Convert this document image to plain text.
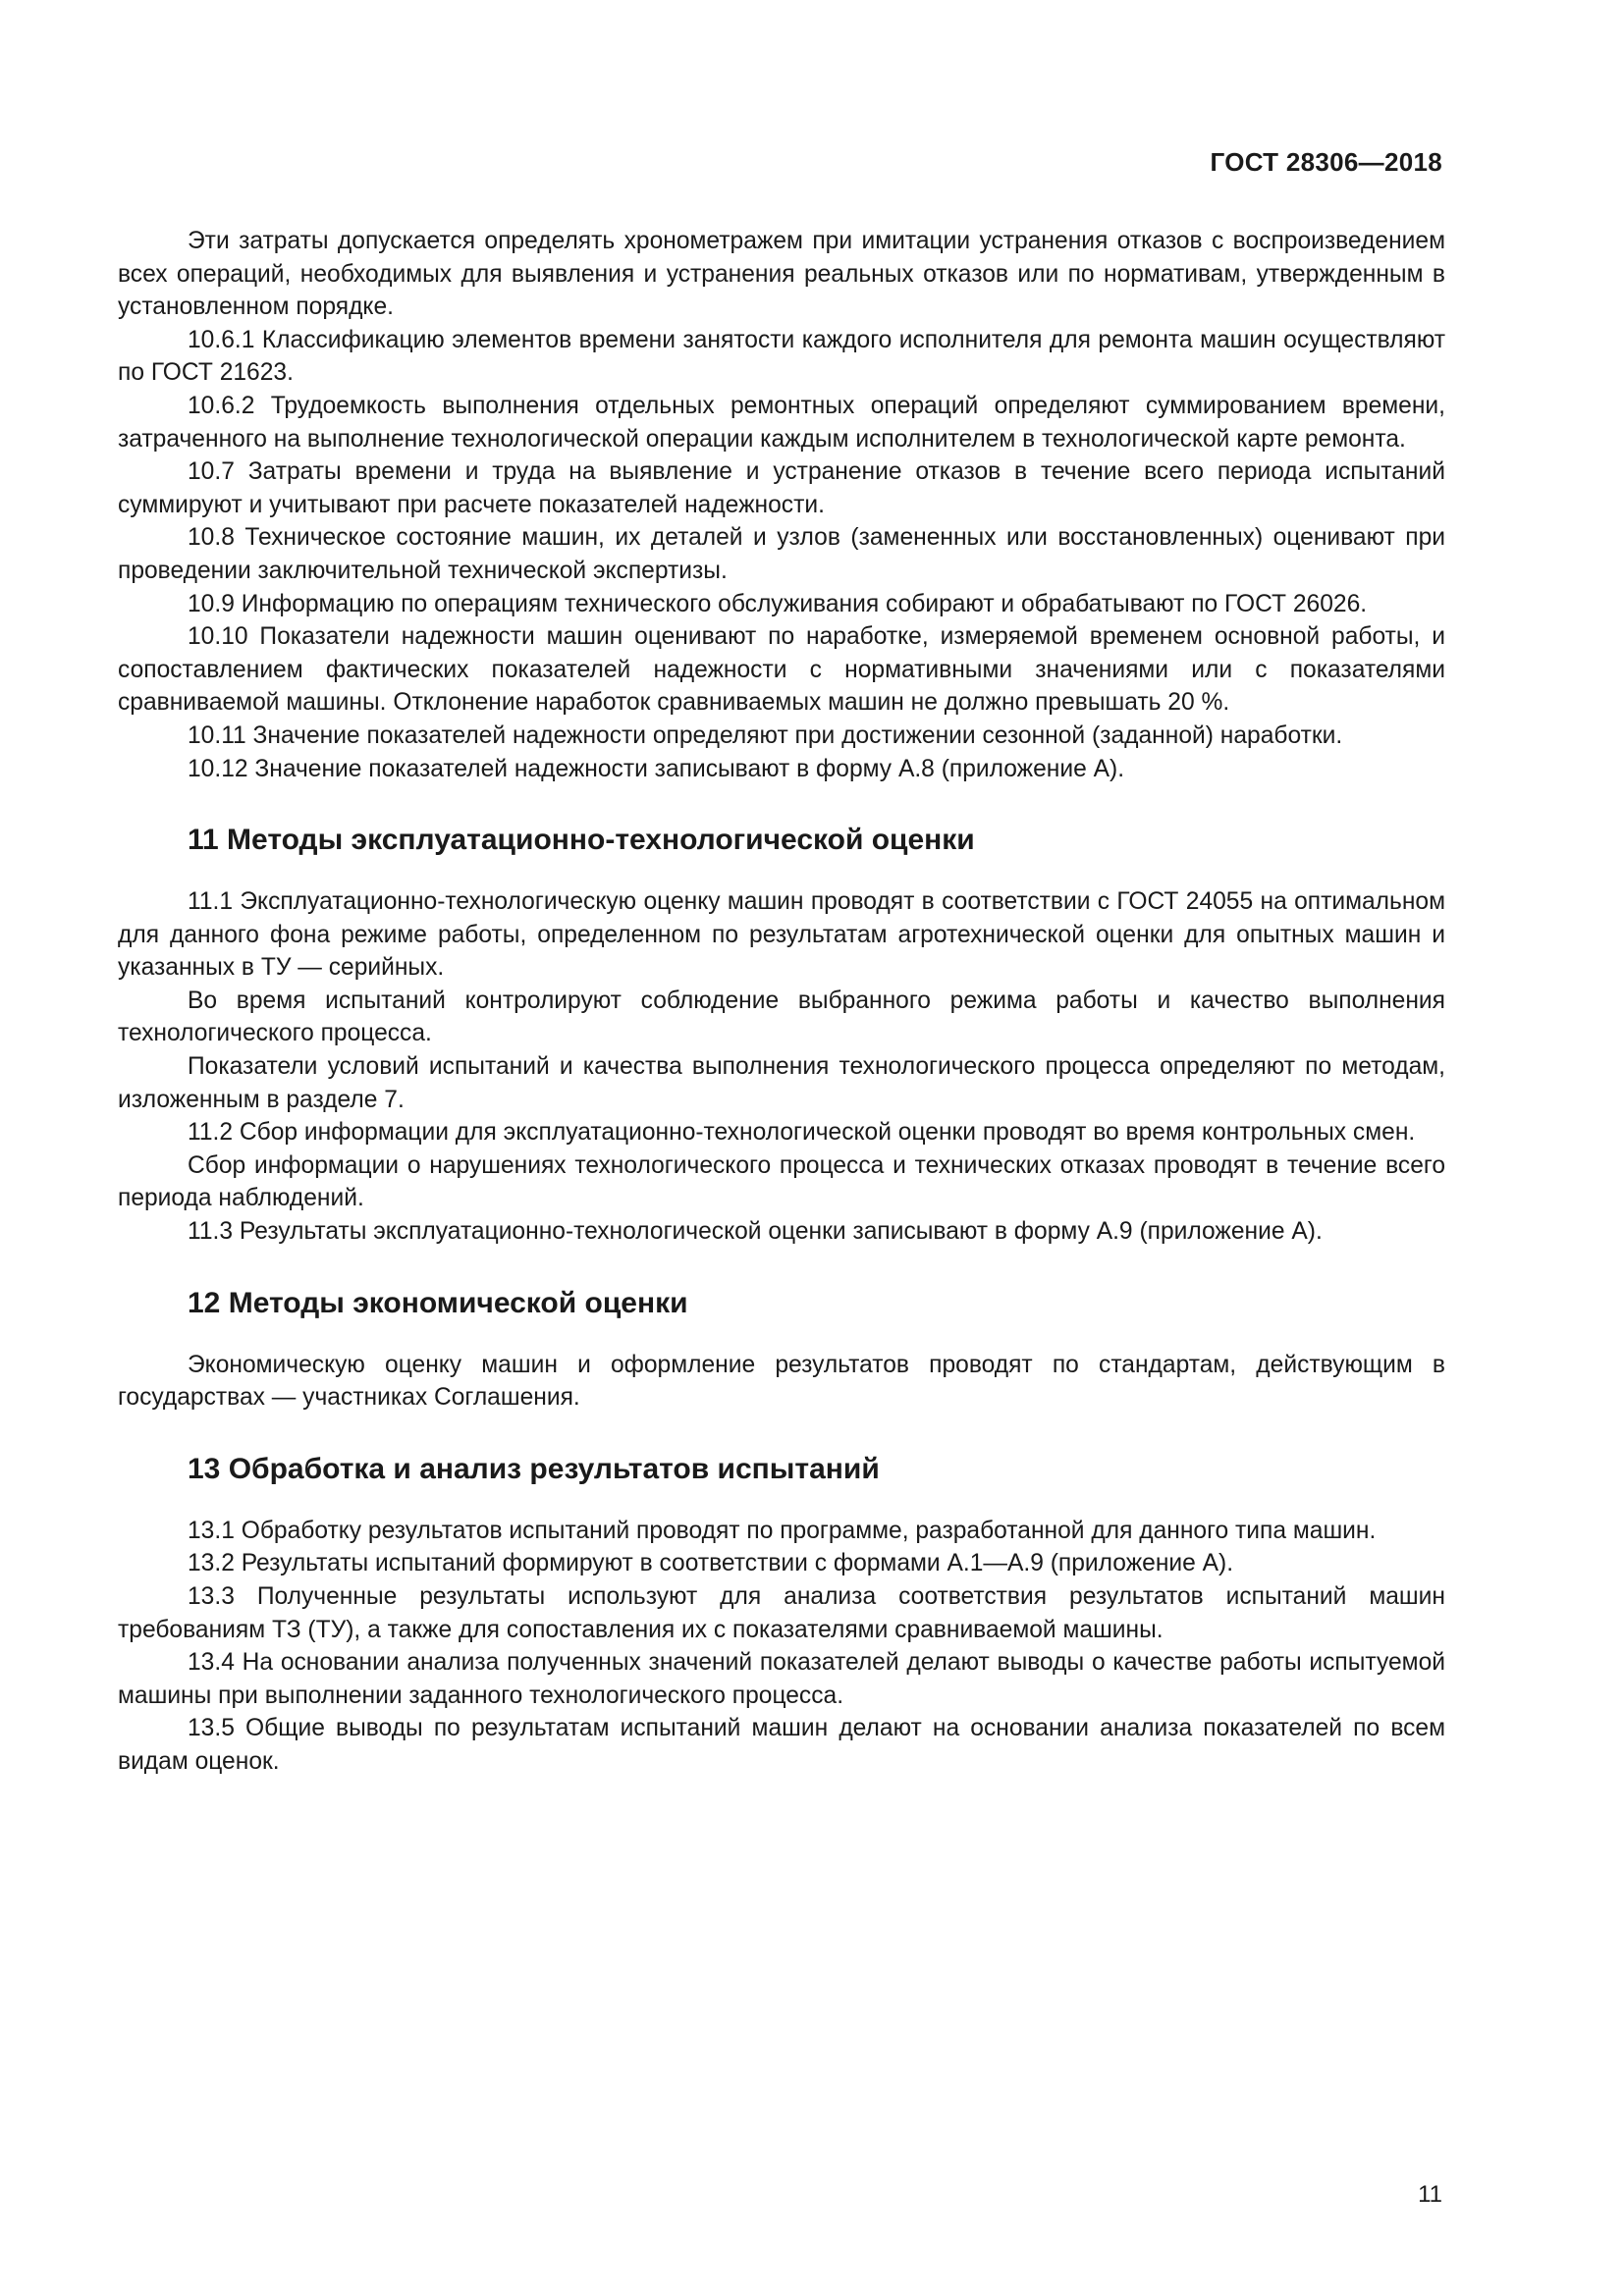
ГОСТ 28306—2018

Эти затраты допускается определять хронометражем при имитации устранения отказов с воспроизведением всех операций, необходимых для выявления и устранения реальных отказов или по нормативам, утвержденным в установленном порядке.

10.6.1 Классификацию элементов времени занятости каждого исполнителя для ремонта машин осуществляют по ГОСТ 21623.

10.6.2 Трудоемкость выполнения отдельных ремонтных операций определяют суммированием времени, затраченного на выполнение технологической операции каждым исполнителем в технологической карте ремонта.

10.7 Затраты времени и труда на выявление и устранение отказов в течение всего периода испытаний суммируют и учитывают при расчете показателей надежности.

10.8 Техническое состояние машин, их деталей и узлов (замененных или восстановленных) оценивают при проведении заключительной технической экспертизы.

10.9 Информацию по операциям технического обслуживания собирают и обрабатывают по ГОСТ 26026.

10.10 Показатели надежности машин оценивают по наработке, измеряемой временем основной работы, и сопоставлением фактических показателей надежности с нормативными значениями или с показателями сравниваемой машины. Отклонение наработок сравниваемых машин не должно превышать 20 %.

10.11 Значение показателей надежности определяют при достижении сезонной (заданной) наработки.

10.12 Значение показателей надежности записывают в форму А.8 (приложение А).

11 Методы эксплуатационно-технологической оценки

11.1 Эксплуатационно-технологическую оценку машин проводят в соответствии с ГОСТ 24055 на оптимальном для данного фона режиме работы, определенном по результатам агротехнической оценки для опытных машин и указанных в ТУ — серийных.

Во время испытаний контролируют соблюдение выбранного режима работы и качество выполнения технологического процесса.

Показатели условий испытаний и качества выполнения технологического процесса определяют по методам, изложенным в разделе 7.

11.2 Сбор информации для эксплуатационно-технологической оценки проводят во время контрольных смен.

Сбор информации о нарушениях технологического процесса и технических отказах проводят в течение всего периода наблюдений.

11.3 Результаты эксплуатационно-технологической оценки записывают в форму А.9 (приложение А).

12 Методы экономической оценки

Экономическую оценку машин и оформление результатов проводят по стандартам, действующим в государствах — участниках Соглашения.

13 Обработка и анализ результатов испытаний

13.1 Обработку результатов испытаний проводят по программе, разработанной для данного типа машин.

13.2 Результаты испытаний формируют в соответствии с формами А.1—А.9 (приложение А).

13.3 Полученные результаты используют для анализа соответствия результатов испытаний машин требованиям ТЗ (ТУ), а также для сопоставления их с показателями сравниваемой машины.

13.4 На основании анализа полученных значений показателей делают выводы о качестве работы испытуемой машины при выполнении заданного технологического процесса.

13.5 Общие выводы по результатам испытаний машин делают на основании анализа показателей по всем видам оценок.

11
